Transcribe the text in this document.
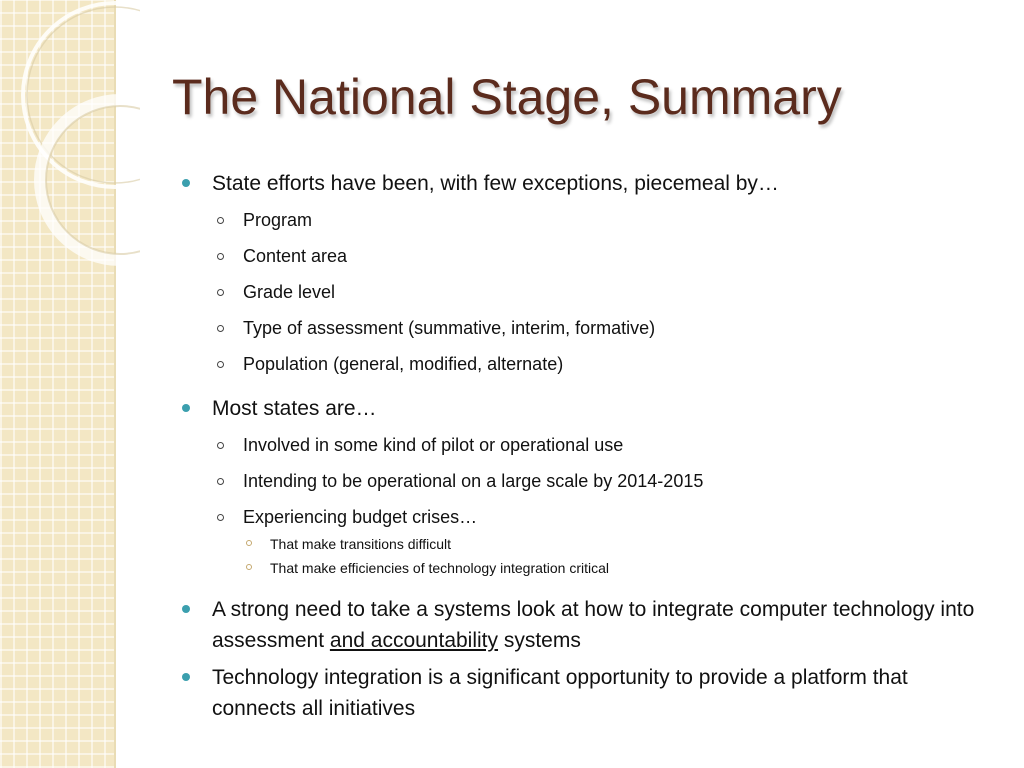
The National Stage, Summary
State efforts have been, with few exceptions, piecemeal by…
Program
Content area
Grade level
Type of assessment (summative, interim, formative)
Population (general, modified, alternate)
Most states are…
Involved in some kind of pilot or operational use
Intending to be operational on a large scale by 2014-2015
Experiencing budget crises…
That make transitions difficult
That make efficiencies of technology integration critical
A strong need to take a systems look at how to integrate computer technology into assessment and accountability systems
Technology integration is a significant opportunity to provide a platform that connects all initiatives
